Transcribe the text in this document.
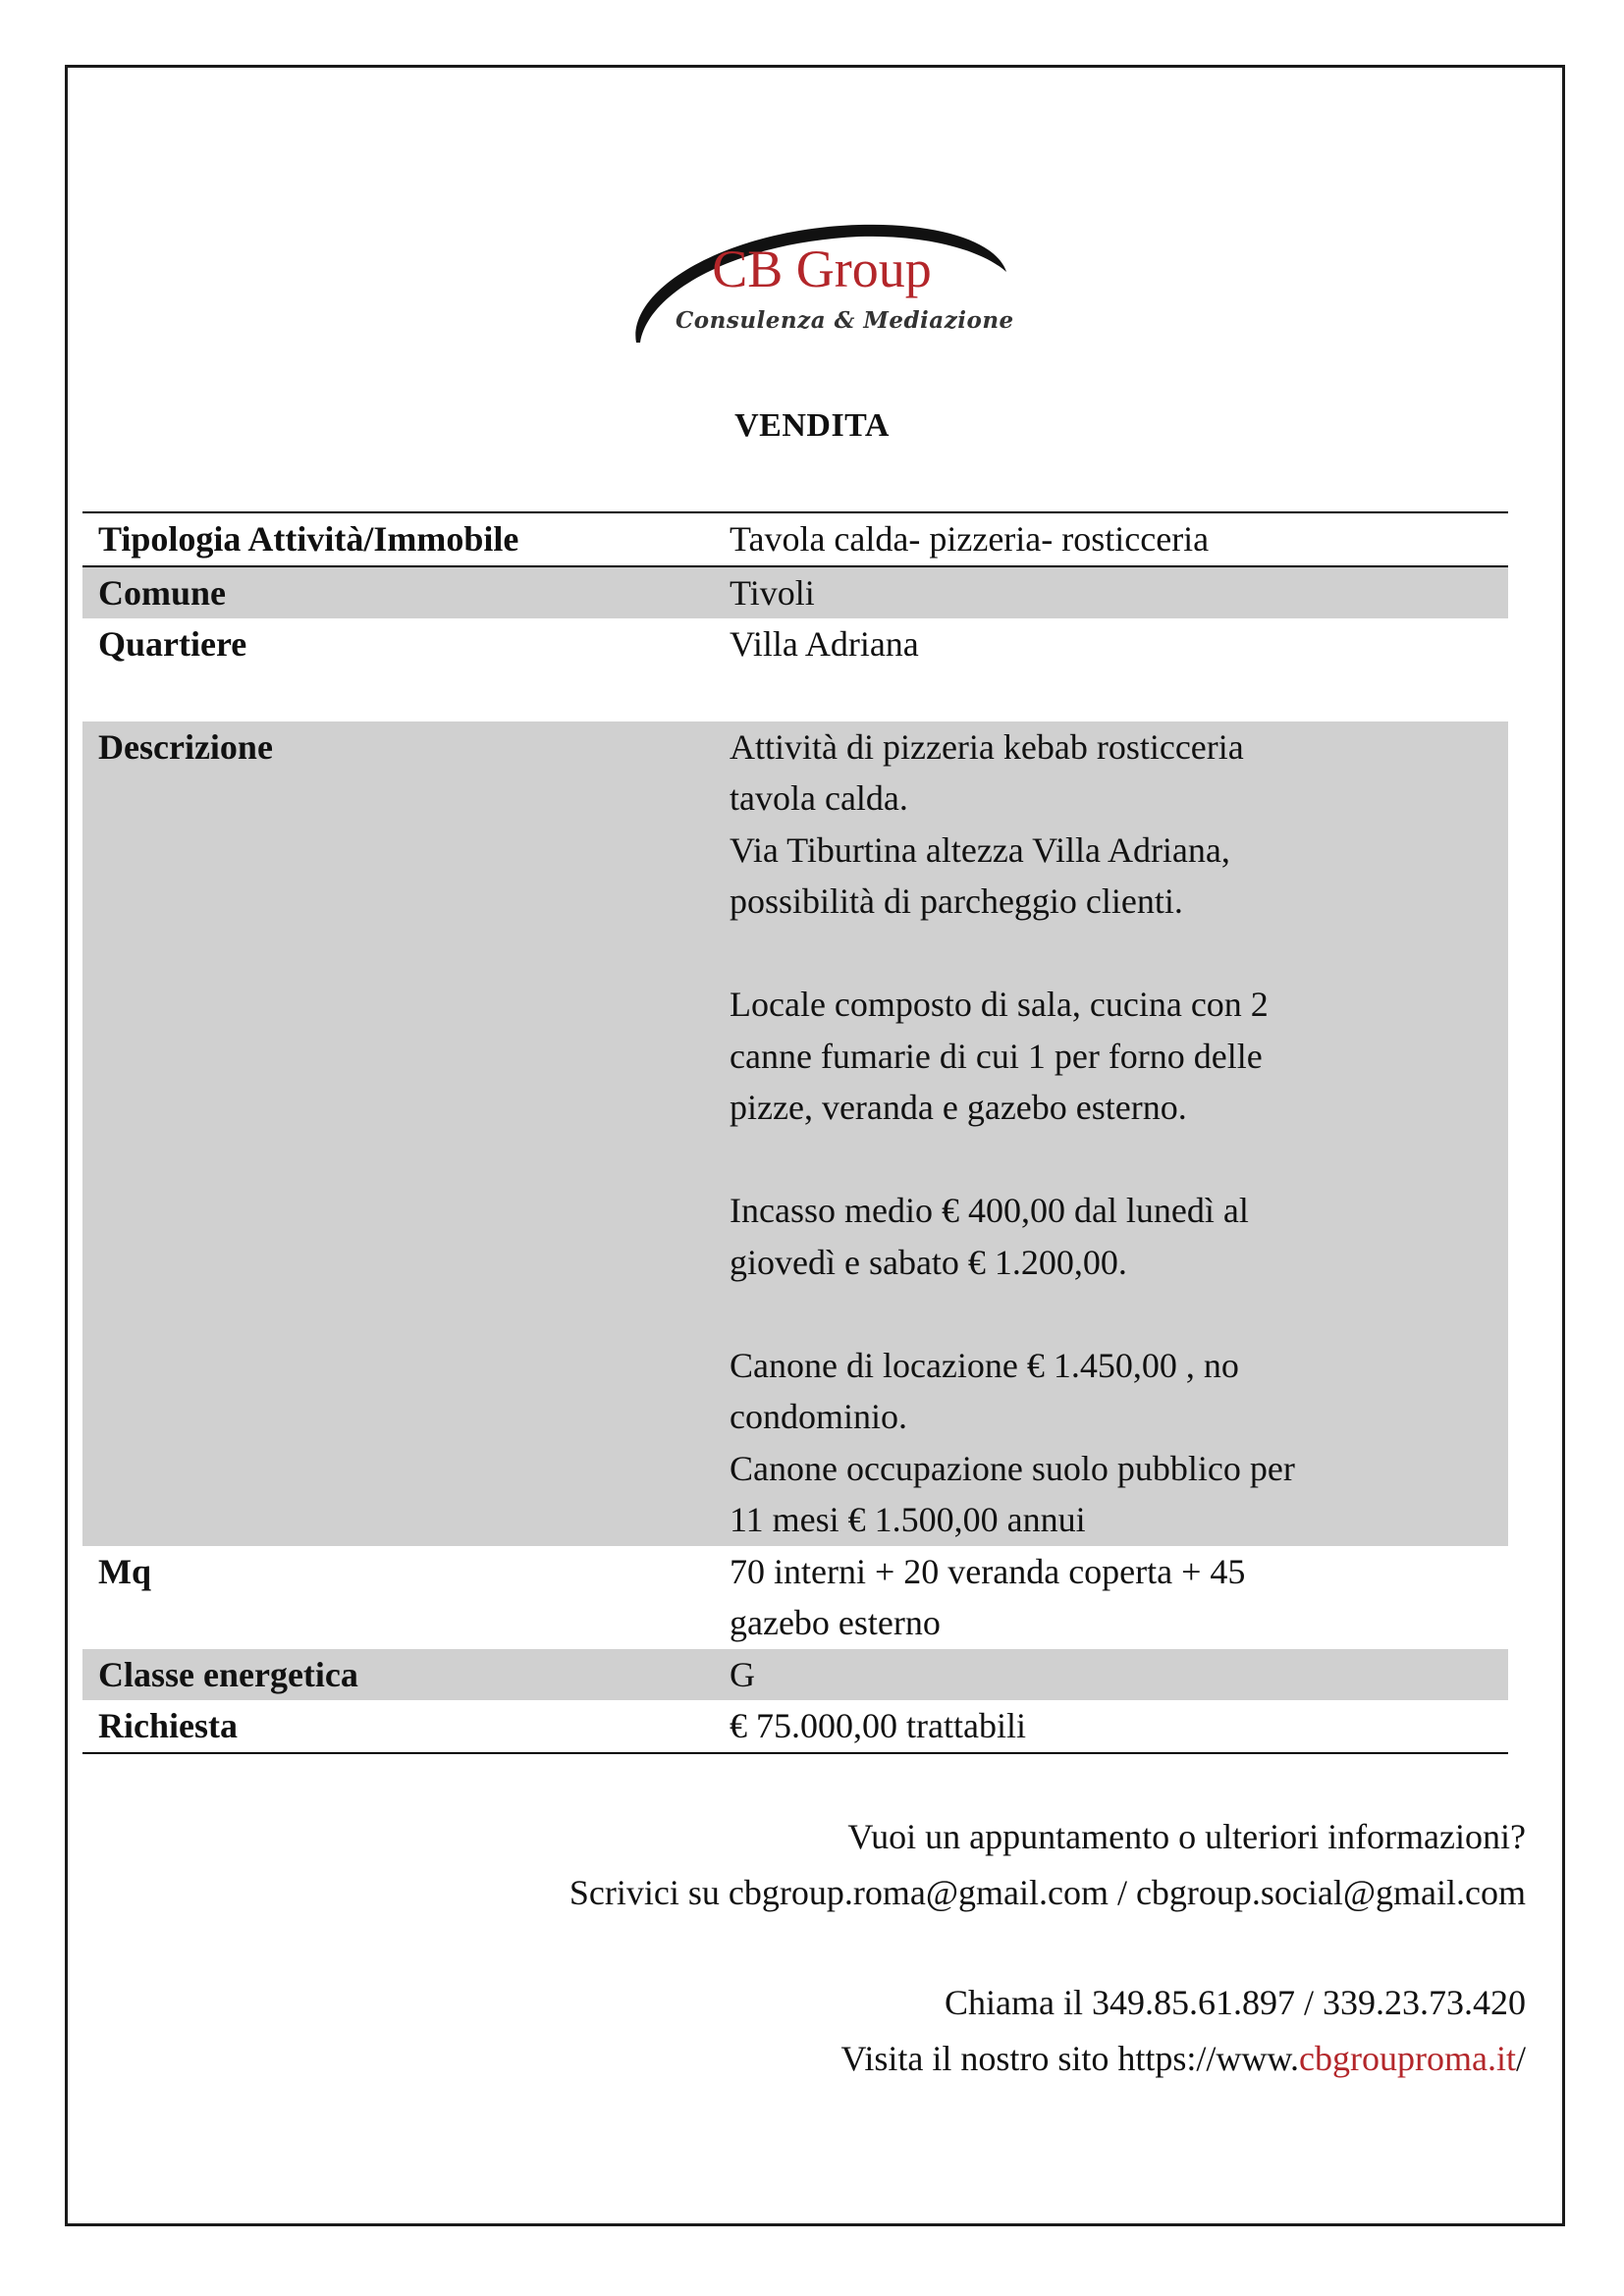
CB Group
Consulenza & Mediazione
VENDITA
Tipologia Attività/Immobile	Tavola calda- pizzeria- rosticceria
Comune	Tivoli
Quartiere	Villa Adriana
Descrizione	Attività di pizzeria kebab rosticceria tavola calda.
Via Tiburtina altezza Villa Adriana, possibilità di parcheggio clienti.
Locale composto di sala, cucina con 2 canne fumarie di cui 1 per forno delle pizze, veranda e gazebo esterno.
Incasso medio € 400,00 dal lunedì al giovedì e sabato € 1.200,00.
Canone di locazione € 1.450,00 , no condominio.
Canone occupazione suolo pubblico per 11 mesi € 1.500,00 annui
Mq	70 interni + 20 veranda coperta + 45 gazebo esterno
Classe energetica	G
Richiesta	€ 75.000,00 trattabili
Vuoi un appuntamento o ulteriori informazioni?
Scrivici su cbgroup.roma@gmail.com / cbgroup.social@gmail.com
Chiama il 349.85.61.897 / 339.23.73.420
Visita il nostro sito https://www.cbgrouproma.it/
